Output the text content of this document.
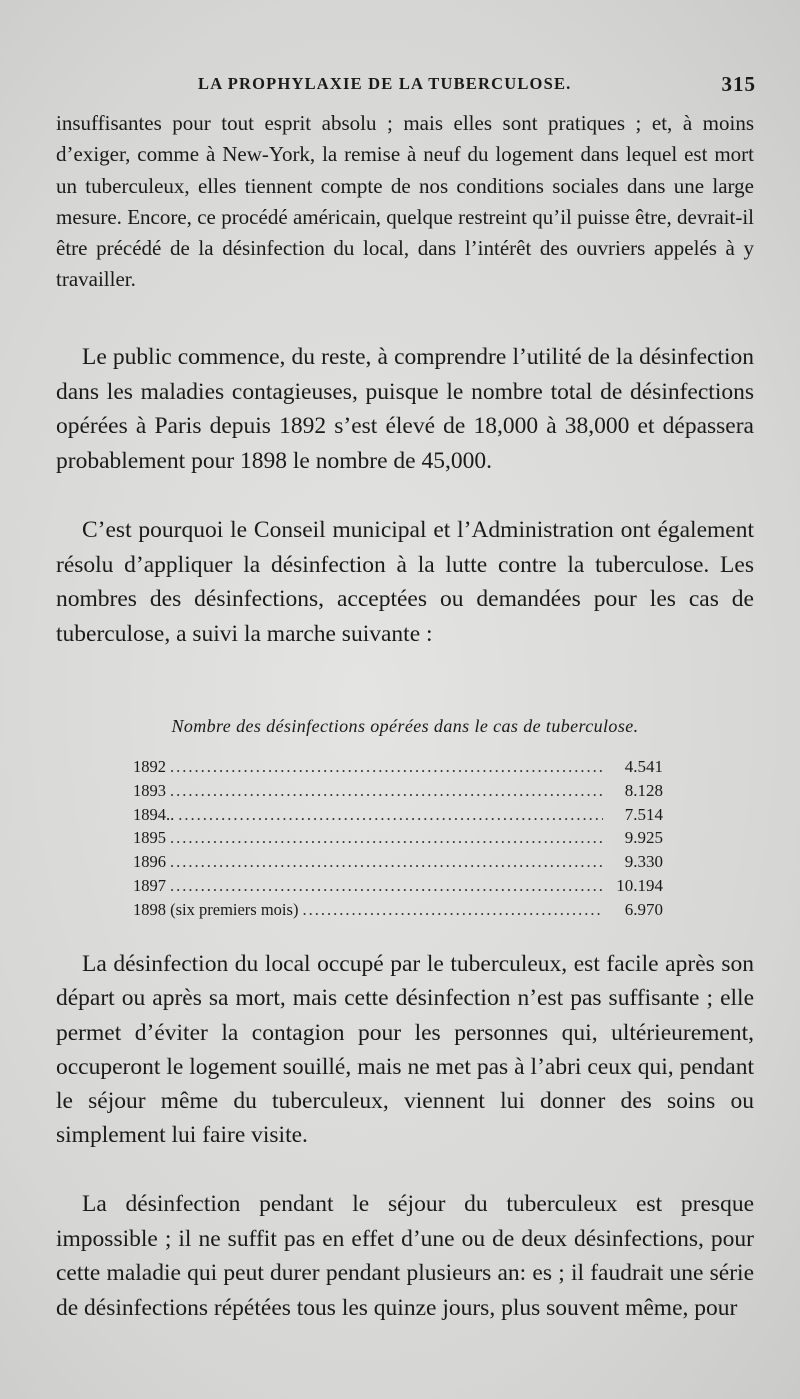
LA PROPHYLAXIE DE LA TUBERCULOSE.	315

insuffisantes pour tout esprit absolu ; mais elles sont pratiques ; et, à moins d’exiger, comme à New-York, la remise à neuf du logement dans lequel est mort un tuberculeux, elles tiennent compte de nos conditions sociales dans une large mesure. Encore, ce procédé américain, quelque restreint qu’il puisse être, devrait-il être précédé de la désinfection du local, dans l’intérêt des ouvriers appelés à y travailler.

Le public commence, du reste, à comprendre l’utilité de la désinfection dans les maladies contagieuses, puisque le nombre total de désinfections opérées à Paris depuis 1892 s’est élevé de 18,000 à 38,000 et dépassera probablement pour 1898 le nombre de 45,000.

C’est pourquoi le Conseil municipal et l’Administration ont également résolu d’appliquer la désinfection à la lutte contre la tuberculose. Les nombres des désinfections, acceptées ou demandées pour les cas de tuberculose, a suivi la marche suivante :

Nombre des désinfections opérées dans le cas de tuberculose.

1892 .....	4.541
1893 .....	8.128
1894.. .....	7.514
1895 .....	9.925
1896 .....	9.330
1897 .....	10.194
1898 (six premiers mois) .....	6.970

La désinfection du local occupé par le tuberculeux, est facile après son départ ou après sa mort, mais cette désinfection n’est pas suffisante ; elle permet d’éviter la contagion pour les personnes qui, ultérieurement, occuperont le logement souillé, mais ne met pas à l’abri ceux qui, pendant le séjour même du tuberculeux, viennent lui donner des soins ou simplement lui faire visite.

La désinfection pendant le séjour du tuberculeux est presque impossible ; il ne suffit pas en effet d’une ou de deux désinfections, pour cette maladie qui peut durer pendant plusieurs an: es ; il faudrait une série de désinfections répétées tous les quinze jours, plus souvent même, pour
